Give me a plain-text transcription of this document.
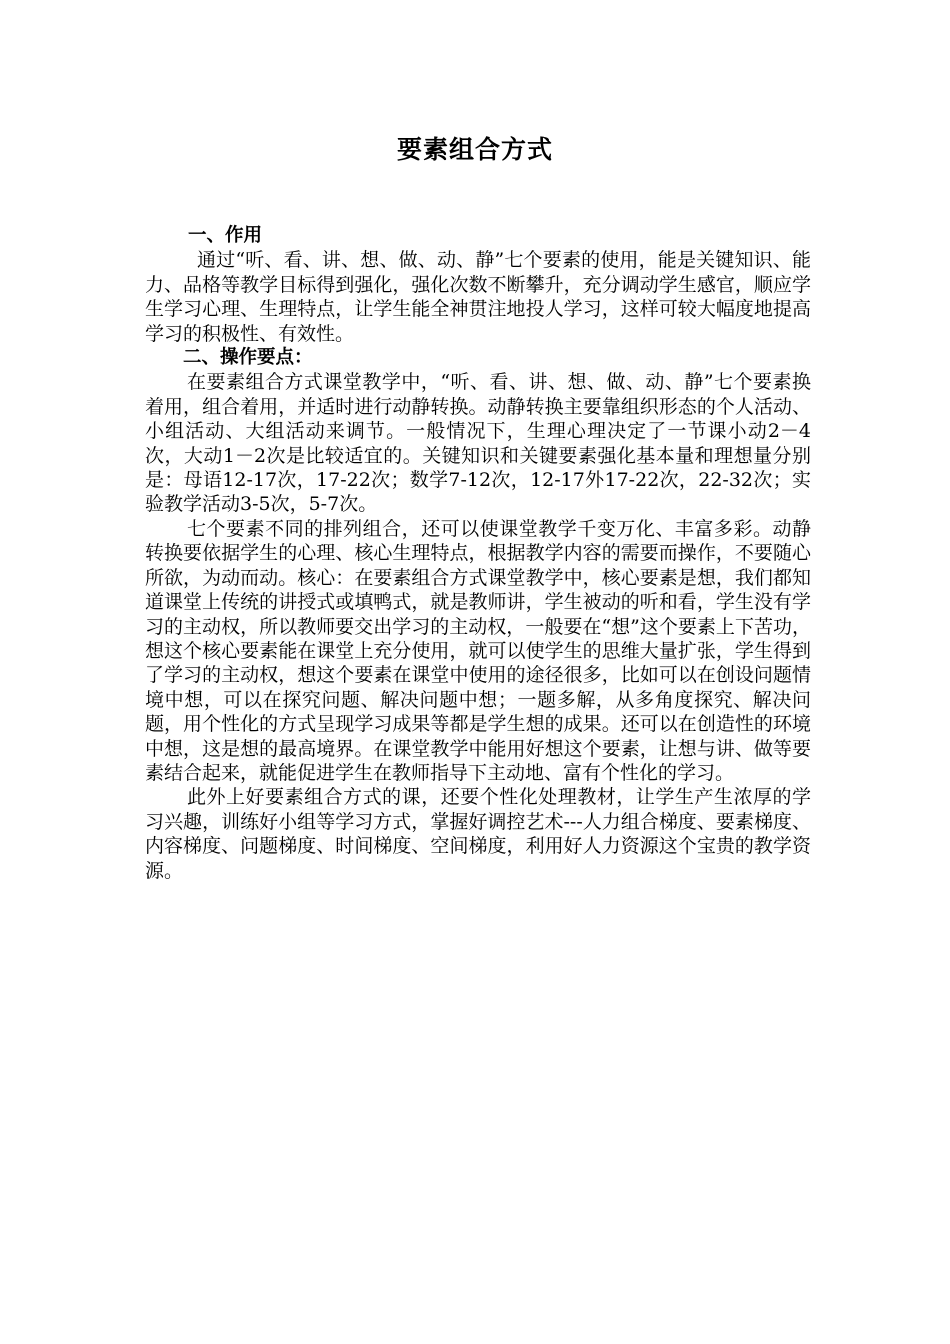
要素组合方式
一、作用

通过“听、看、讲、想、做、动、静”七个要素的使用，能是关键知识、能力、品格等教学目标得到强化，强化次数不断攀升，充分调动学生感官，顺应学生学习心理、生理特点，让学生能全神贯注地投人学习，这样可较大幅度地提高学习的积极性、有效性。

二、操作要点：

在要素组合方式课堂教学中，“听、看、讲、想、做、动、静”七个要素换着用，组合着用，并适时进行动静转换。动静转换主要靠组织形态的个人活动、小组活动、大组活动来调节。一般情况下，生理心理决定了一节课小动2－4次，大动1－2次是比较适宜的。关键知识和关键要素强化基本量和理想量分别是：母语12-17次，17-22次；数学7-12次，12-17外17-22次，22-32次；实验教学活动3-5次，5-7次。

七个要素不同的排列组合，还可以使课堂教学千变万化、丰富多彩。动静转换要依据学生的心理、核心生理特点，根据教学内容的需要而操作，不要随心所欲，为动而动。核心：在要素组合方式课堂教学中，核心要素是想，我们都知道课堂上传统的讲授式或填鸭式，就是教师讲，学生被动的听和看，学生没有学习的主动权，所以教师要交出学习的主动权，一般要在“想”这个要素上下苦功，想这个核心要素能在课堂上充分使用，就可以使学生的思维大量扩张，学生得到了学习的主动权，想这个要素在课堂中使用的途径很多，比如可以在创设问题情境中想，可以在探究问题、解决问题中想；一题多解，从多角度探究、解决问题，用个性化的方式呈现学习成果等都是学生想的成果。还可以在创造性的环境中想，这是想的最高境界。在课堂教学中能用好想这个要素，让想与讲、做等要素结合起来，就能促进学生在教师指导下主动地、富有个性化的学习。

此外上好要素组合方式的课，还要个性化处理教材，让学生产生浓厚的学习兴趣，训练好小组等学习方式，掌握好调控艺术---人力组合梯度、要素梯度、内容梯度、问题梯度、时间梯度、空间梯度，利用好人力资源这个宝贵的教学资源。
